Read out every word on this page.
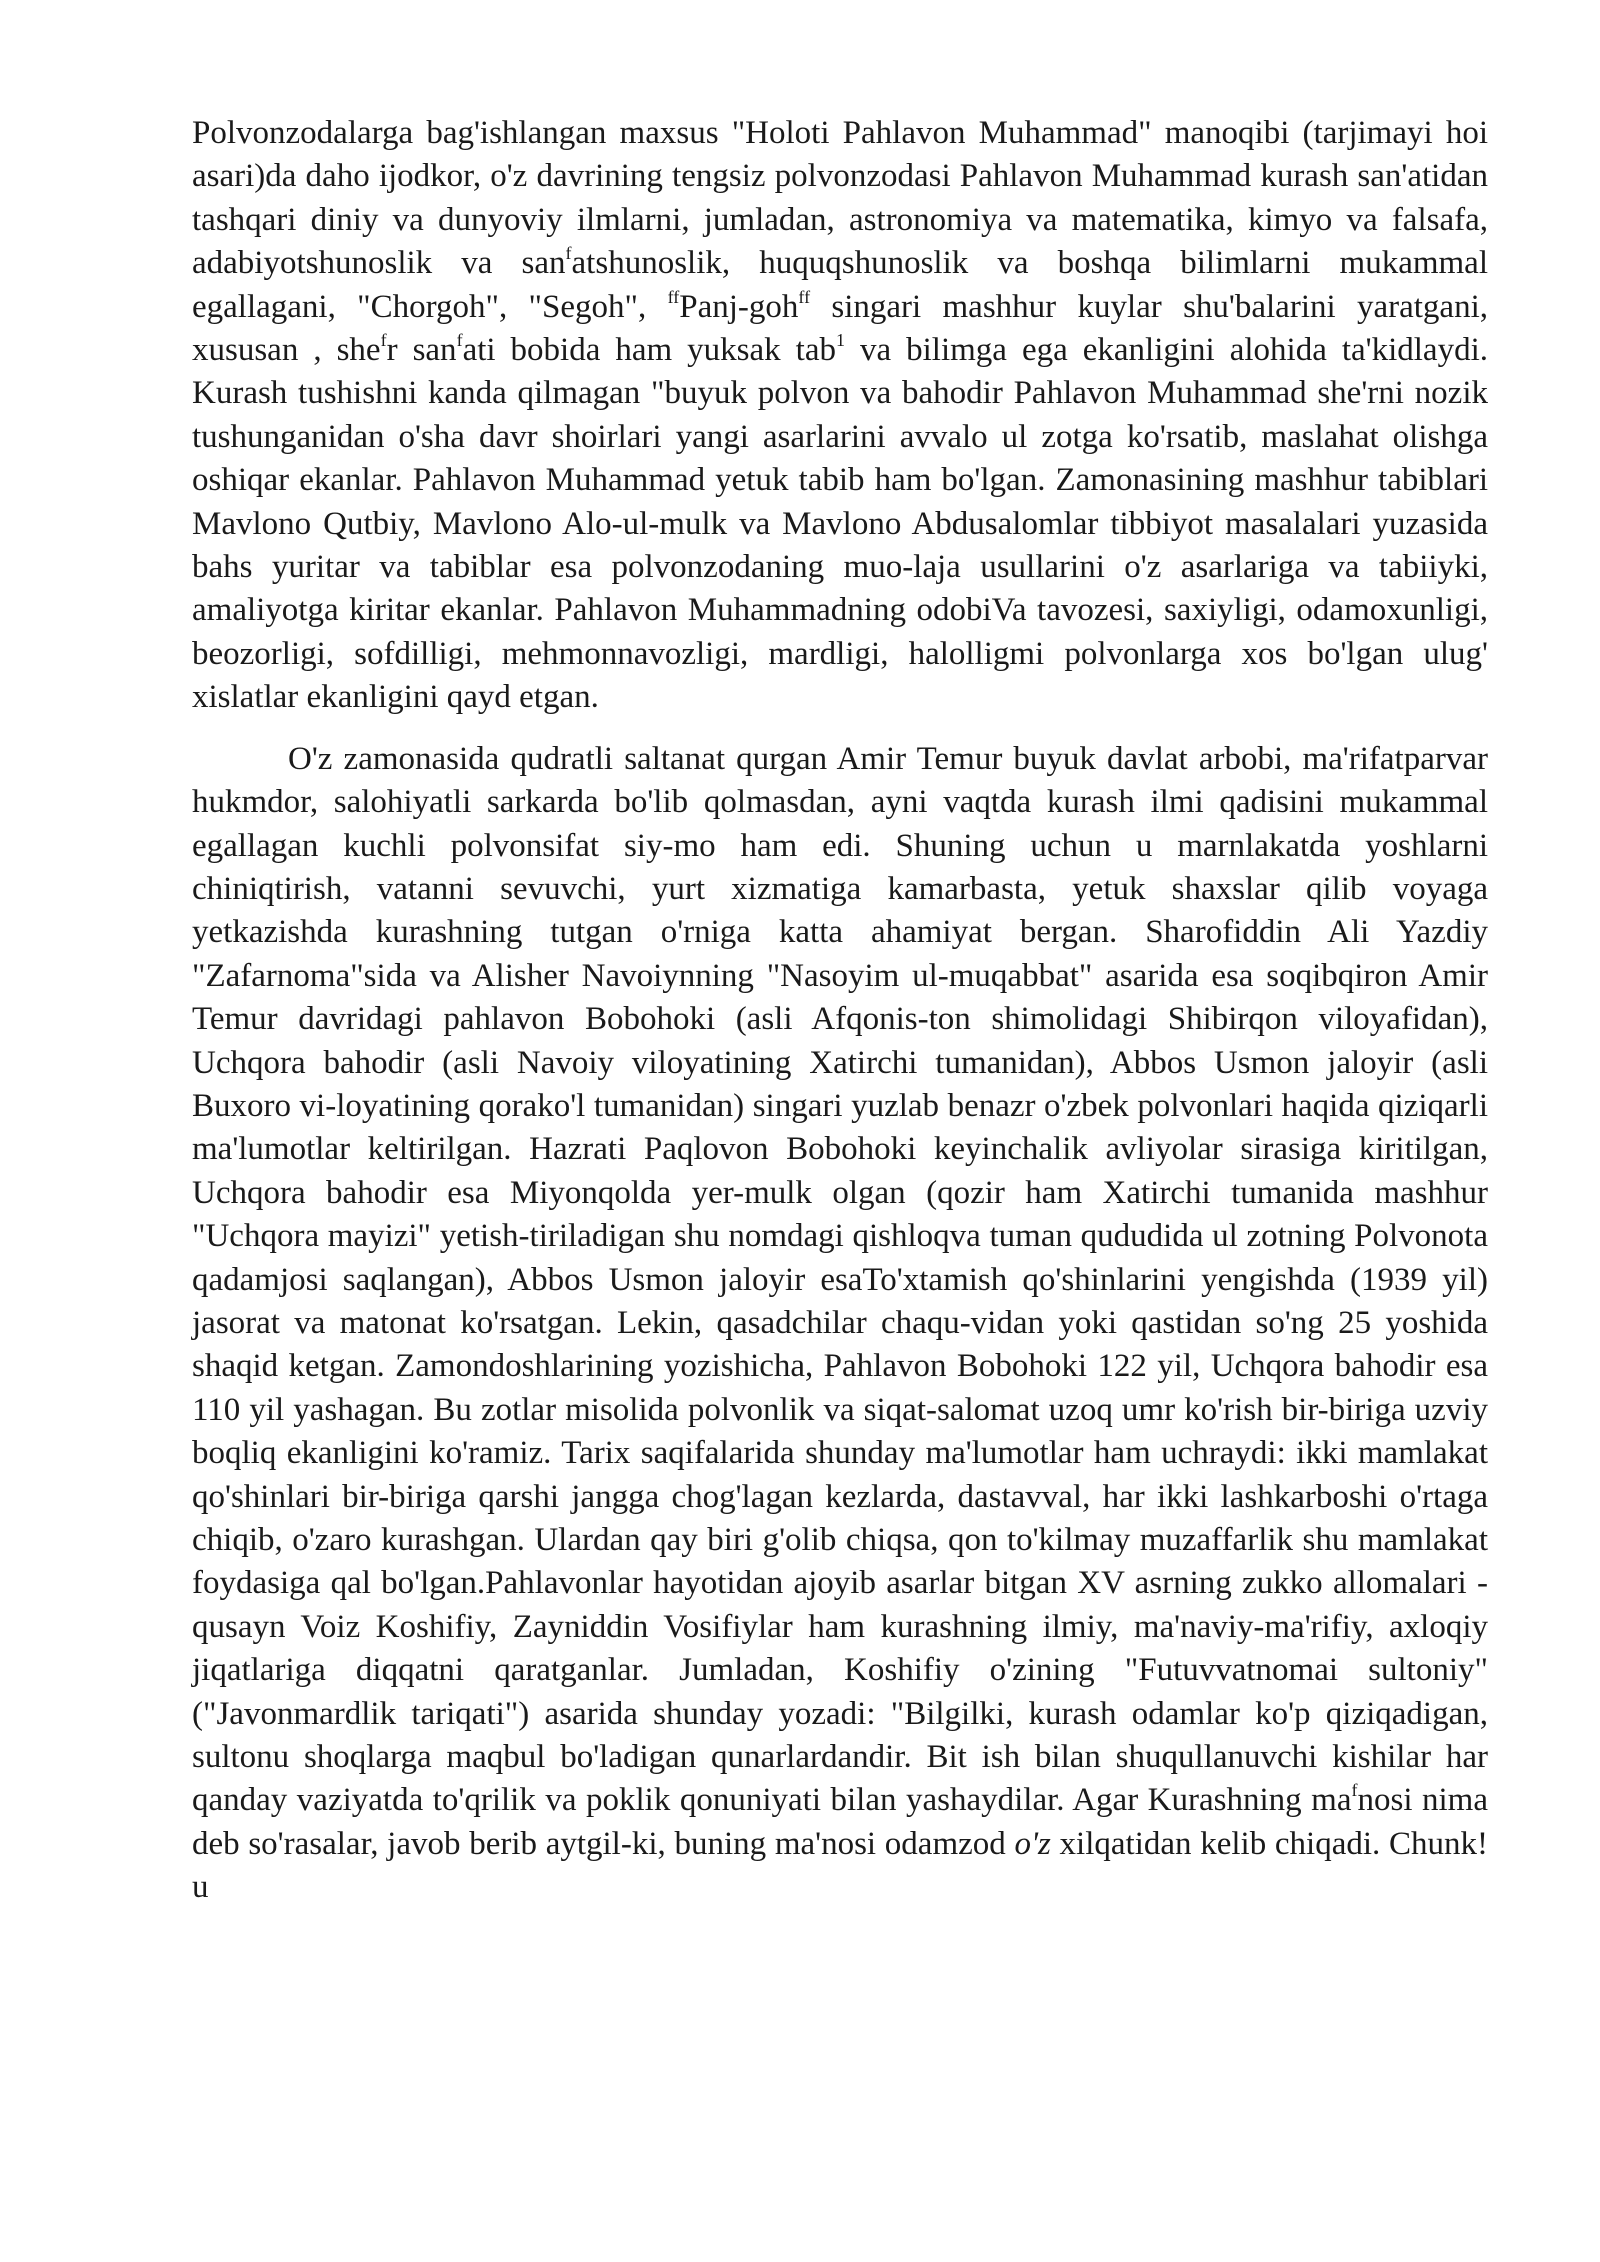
Polvonzodalarga bag'ishlangan maxsus "Holoti Pahlavon Muhammad" manoqibi (tarjimayi hoi asari)da daho ijodkor, o'z davrining tengsiz polvonzodasi Pahlavon Muhammad kurash san'atidan tashqari diniy va dunyoviy ilmlarni, jumladan, astronomiya va matematika, kimyo va falsafa, adabiyotshunoslik va san$^f$atshunoslik, huquqshunoslik va boshqa bilimlarni mukammal egallagani, "Chorgoh", "Segoh", $^{ff}$Panj-goh$^{ff}$ singari mashhur kuylar shu'balarini yaratgani, xususan , she$^f$r san$^f$ati bobida ham yuksak tab$^1$ va bilimga ega ekanligini alohida ta'kidlaydi. Kurash tushishni kanda qilmagan "buyuk polvon va bahodir Pahlavon Muhammad she'rni nozik tushunganidan o'sha davr shoirlari yangi asarlarini avvalo ul zotga ko'rsatib, maslahat olishga oshiqar ekanlar. Pahlavon Muhammad yetuk tabib ham bo'lgan. Zamonasining mashhur tabiblari Mavlono Qutbiy, Mavlono Alo-ul-mulk va Mavlono Abdusalomlar tibbiyot masalalari yuzasida bahs yuritar va tabiblar esa polvonzodaning muo-laja usullarini o'z asarlariga va tabiiyki, amaliyotga kiritar ekanlar. Pahlavon Muhammadning odobiVa tavozesi, saxiyligi, odamoxunligi, beozorligi, sofdilligi, mehmonnavozligi, mardligi, halolligmi polvonlarga xos bo'lgan ulug' xislatlar ekanligini qayd etgan.

O'z zamonasida qudratli saltanat qurgan Amir Temur buyuk davlat arbobi, ma'rifatparvar hukmdor, salohiyatli sarkarda bo'lib qolmasdan, ayni vaqtda kurash ilmi qadisini mukammal egallagan kuchli polvonsifat siy-mo ham edi. Shuning uchun u marnlakatda yoshlarni chiniqtirish, vatanni sevuvchi, yurt xizmatiga kamarbasta, yetuk shaxslar qilib voyaga yetkazishda kurashning tutgan o'rniga katta ahamiyat bergan. Sharofiddin Ali Yazdiy "Zafarnoma"sida va Alisher Navoiynning "Nasoyim ul-muqabbat" asarida esa soqibqiron Amir Temur davridagi pahlavon Bobohoki (asli Afqonis-ton shimolidagi Shibirqon viloyafidan), Uchqora bahodir (asli Navoiy viloyatining Xatirchi tumanidan), Abbos Usmon jaloyir (asli Buxoro vi-loyatining qorako'l tumanidan) singari yuzlab benazr o'zbek polvonlari haqida qiziqarli ma'lumotlar keltirilgan. Hazrati Paqlovon Bobohoki keyinchalik avliyolar sirasiga kiritilgan, Uchqora bahodir esa Miyonqolda yer-mulk olgan (qozir ham Xatirchi tumanida mashhur "Uchqora mayizi" yetish-tiriladigan shu nomdagi qishloqva tuman qududida ul zotning Polvonota qadamjosi saqlangan), Abbos Usmon jaloyir esaTo'xtamish qo'shinlarini yengishda (1939 yil) jasorat va matonat ko'rsatgan. Lekin, qasadchilar chaqu-vidan yoki qastidan so'ng 25 yoshida shaqid ketgan. Zamondoshlarining yozishicha, Pahlavon Bobohoki 122 yil, Uchqora bahodir esa 110 yil yashagan. Bu zotlar misolida polvonlik va siqat-salomat uzoq umr ko'rish bir-biriga uzviy boqliq ekanligini ko'ramiz. Tarix saqifalarida shunday ma'lumotlar ham uchraydi: ikki mamlakat qo'shinlari bir-biriga qarshi jangga chog'lagan kezlarda, dastavval, har ikki lashkarboshi o'rtaga chiqib, o'zaro kurashgan. Ulardan qay biri g'olib chiqsa, qon to'kilmay muzaffarlik shu mamlakat foydasiga qal bo'lgan.Pahlavonlar hayotidan ajoyib asarlar bitgan XV asrning zukko allomalari - qusayn Voiz Koshifiy, Zayniddin Vosifiylar ham kurashning ilmiy, ma'naviy-ma'rifiy, axloqiy jiqatlariga diqqatni qaratganlar. Jumladan, Koshifiy o'zining "Futuvvatnomai sultoniy" ("Javonmardlik tariqati") asarida shunday yozadi: "Bilgilki, kurash odamlar ko'p qiziqadigan, sultonu shoqlarga maqbul bo'ladigan qunarlardandir. Bit ish bilan shuqullanuvchi kishilar har qanday vaziyatda to'qrilik va poklik qonuniyati bilan yashaydilar. Agar Kurashning $ma^fnosi$ nima deb so'rasalar, javob berib aytgil-ki, buning ma'nosi odamzod o'z xilqatidan kelib chiqadi. Chunk! u
